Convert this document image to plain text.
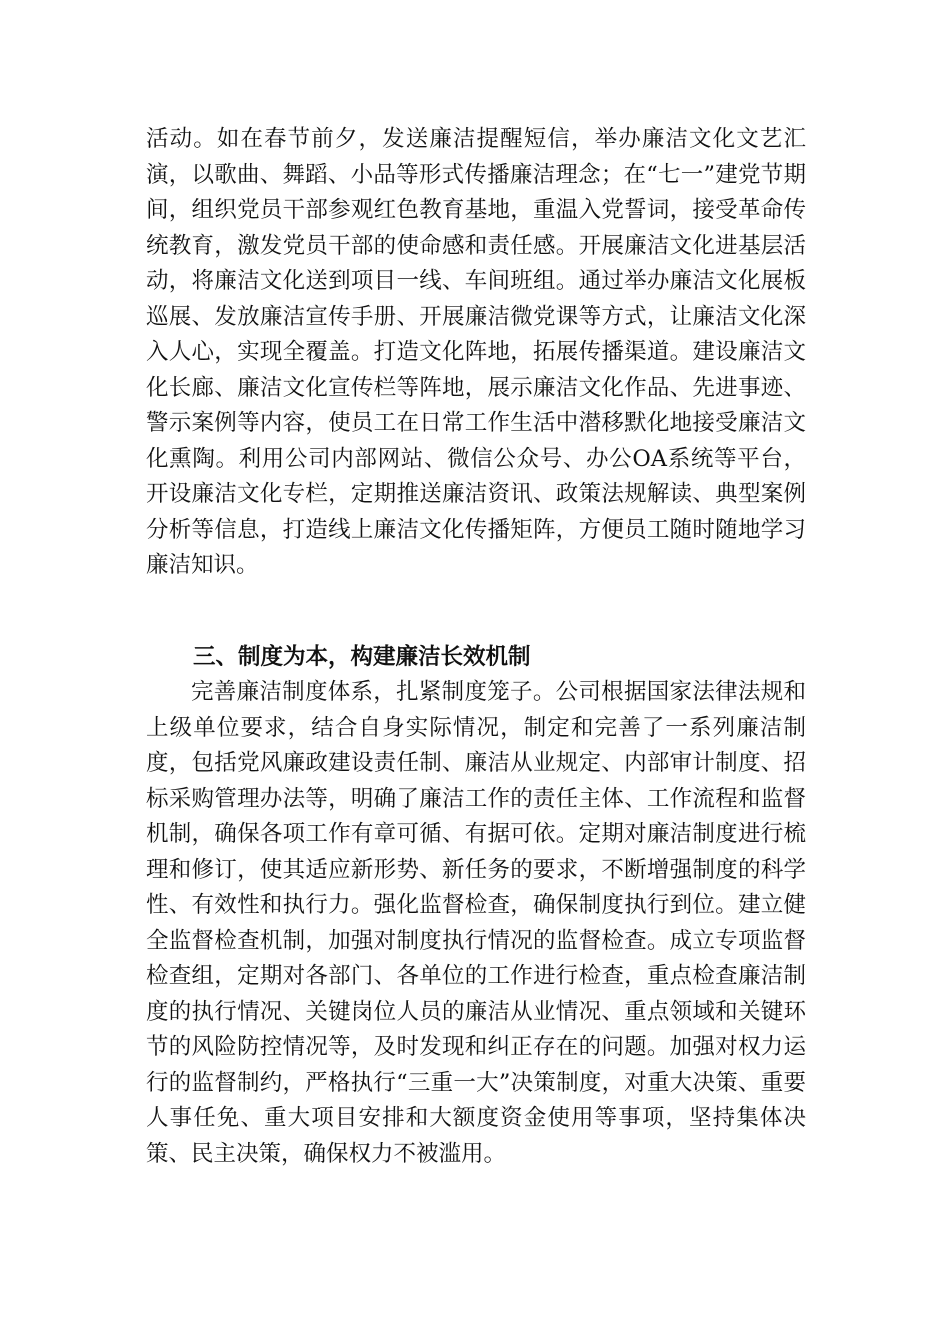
活动。如在春节前夕，发送廉洁提醒短信，举办廉洁文化文艺汇演，以歌曲、舞蹈、小品等形式传播廉洁理念；在“七一”建党节期间，组织党员干部参观红色教育基地，重温入党誓词，接受革命传统教育，激发党员干部的使命感和责任感。开展廉洁文化进基层活动，将廉洁文化送到项目一线、车间班组。通过举办廉洁文化展板巡展、发放廉洁宣传手册、开展廉洁微党课等方式，让廉洁文化深入人心，实现全覆盖。打造文化阵地，拓展传播渠道。建设廉洁文化长廊、廉洁文化宣传栏等阵地，展示廉洁文化作品、先进事迹、警示案例等内容，使员工在日常工作生活中潜移默化地接受廉洁文化熏陶。利用公司内部网站、微信公众号、办公OA系统等平台，开设廉洁文化专栏，定期推送廉洁资讯、政策法规解读、典型案例分析等信息，打造线上廉洁文化传播矩阵，方便员工随时随地学习廉洁知识。
三、制度为本，构建廉洁长效机制
完善廉洁制度体系，扎紧制度笼子。公司根据国家法律法规和上级单位要求，结合自身实际情况，制定和完善了一系列廉洁制度，包括党风廉政建设责任制、廉洁从业规定、内部审计制度、招标采购管理办法等，明确了廉洁工作的责任主体、工作流程和监督机制，确保各项工作有章可循、有据可依。定期对廉洁制度进行梳理和修订，使其适应新形势、新任务的要求，不断增强制度的科学性、有效性和执行力。强化监督检查，确保制度执行到位。建立健全监督检查机制，加强对制度执行情况的监督检查。成立专项监督检查组，定期对各部门、各单位的工作进行检查，重点检查廉洁制度的执行情况、关键岗位人员的廉洁从业情况、重点领域和关键环节的风险防控情况等，及时发现和纠正存在的问题。加强对权力运行的监督制约，严格执行“三重一大”决策制度，对重大决策、重要人事任免、重大项目安排和大额度资金使用等事项，坚持集体决策、民主决策，确保权力不被滥用。
